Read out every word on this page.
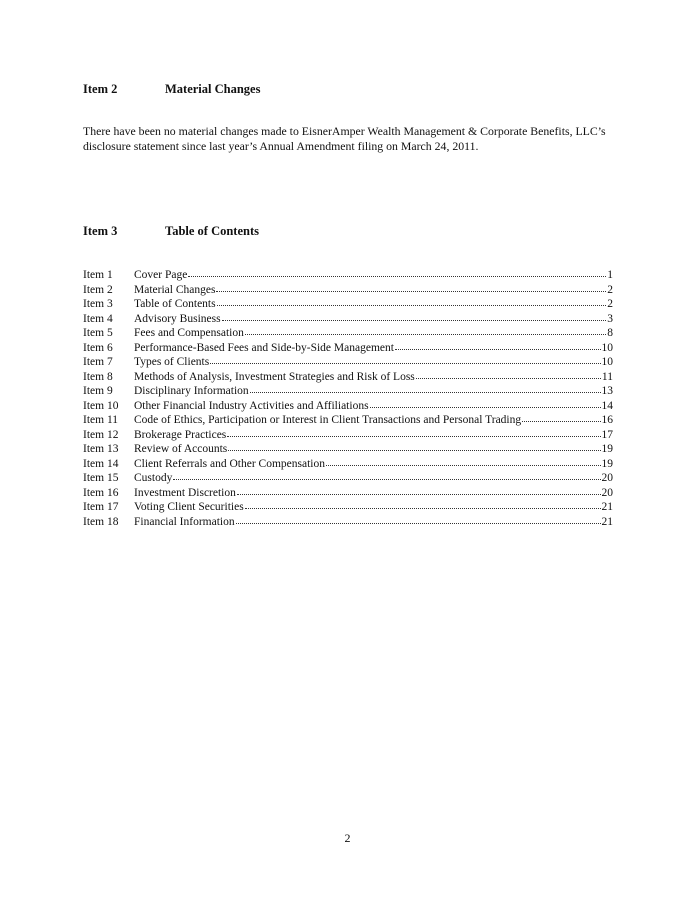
Item 2	Material Changes
There have been no material changes made to EisnerAmper Wealth Management & Corporate Benefits, LLC’s disclosure statement since last year’s Annual Amendment filing on March 24, 2011.
Item 3	Table of Contents
Item 1	Cover Page	1
Item 2	Material Changes	2
Item 3	Table of Contents	2
Item 4	Advisory Business	3
Item 5	Fees and Compensation	8
Item 6	Performance-Based Fees and Side-by-Side Management	10
Item 7	Types of Clients	10
Item 8	Methods of Analysis, Investment Strategies and Risk of Loss	11
Item 9	Disciplinary Information	13
Item 10	Other Financial Industry Activities and Affiliations	14
Item 11	Code of Ethics, Participation or Interest in Client Transactions and Personal Trading	16
Item 12	Brokerage Practices	17
Item 13	Review of Accounts	19
Item 14	Client Referrals and Other Compensation	19
Item 15	Custody	20
Item 16	Investment Discretion	20
Item 17	Voting Client Securities	21
Item 18	Financial Information	21
2
